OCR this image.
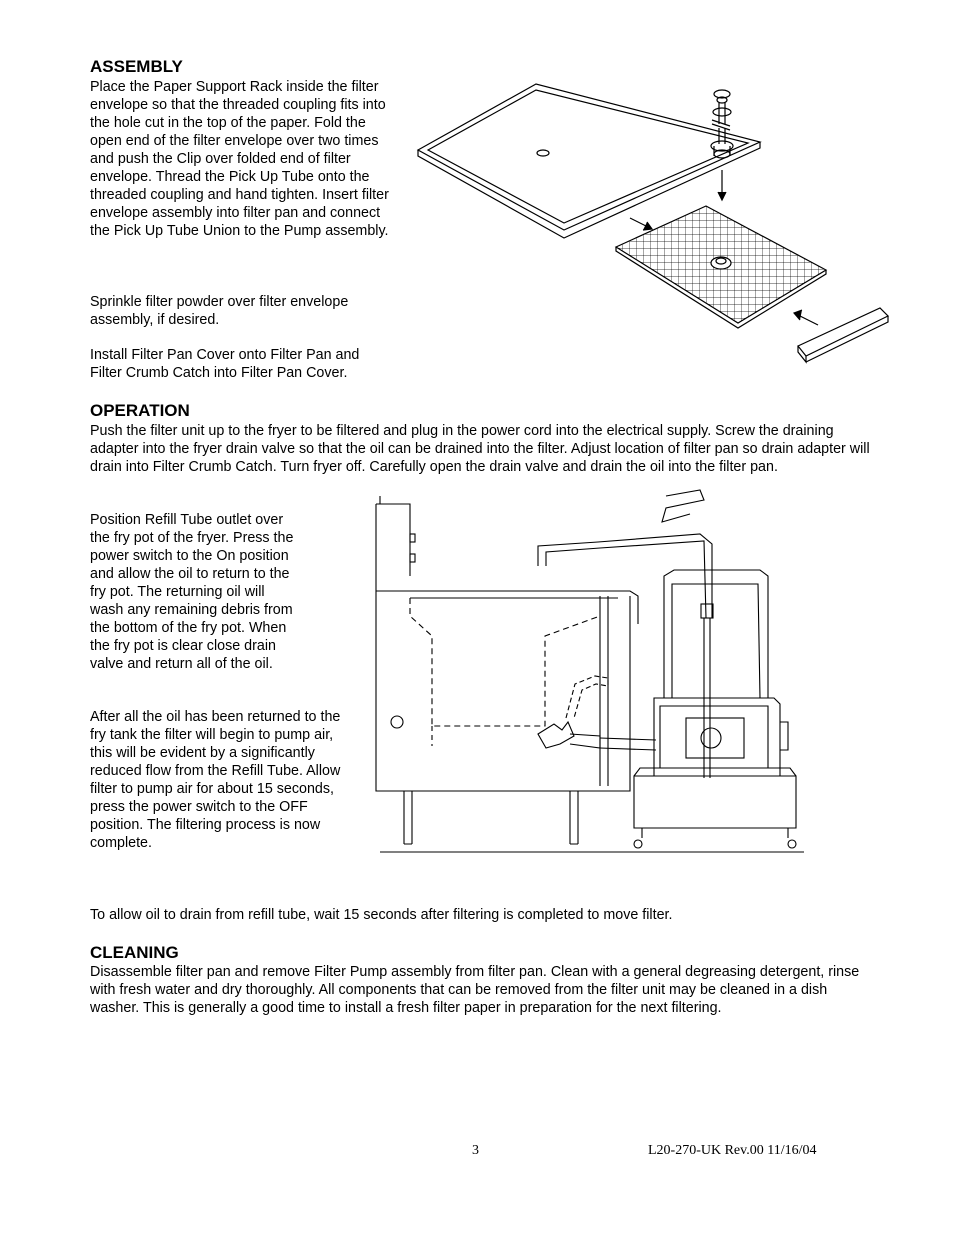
ASSEMBLY

Place the Paper Support Rack inside the filter envelope so that the threaded coupling fits into the hole cut in the top of the paper. Fold the open end of the filter envelope over two times and push the Clip over folded end of filter envelope. Thread the Pick Up Tube onto the threaded coupling and hand tighten. Insert filter envelope assembly into filter pan and connect the Pick Up Tube Union to the Pump assembly.

Sprinkle filter powder over filter envelope assembly, if desired.

Install Filter Pan Cover onto Filter Pan and Filter Crumb Catch into Filter Pan Cover.

OPERATION

Push the filter unit up to the fryer to be filtered and plug in the power cord into the electrical supply. Screw the draining adapter into the fryer drain valve so that the oil can be drained into the filter. Adjust location of filter pan so drain adapter will drain into Filter Crumb Catch. Turn fryer off. Carefully open the drain valve and drain the oil into the filter pan.

Position Refill Tube outlet over the fry pot of the fryer. Press the power switch to the On position and allow the oil to return to the fry pot. The returning oil will wash any remaining debris from the bottom of the fry pot. When the fry pot is clear close drain valve and return all of the oil.

After all the oil has been returned to the fry tank the filter will begin to pump air, this will be evident by a significantly reduced flow from the Refill Tube. Allow filter to pump air for about 15 seconds, press the power switch to the OFF position. The filtering process is now complete.

To allow oil to drain from refill tube, wait 15 seconds after filtering is completed to move filter.

CLEANING

Disassemble filter pan and remove Filter Pump assembly from filter pan. Clean with a general degreasing detergent, rinse with fresh water and dry thoroughly. All components that can be removed from the filter unit may be cleaned in a dish washer. This is generally a good time to install a fresh filter paper in preparation for the next filtering.

3	L20-270-UK Rev.00 11/16/04
